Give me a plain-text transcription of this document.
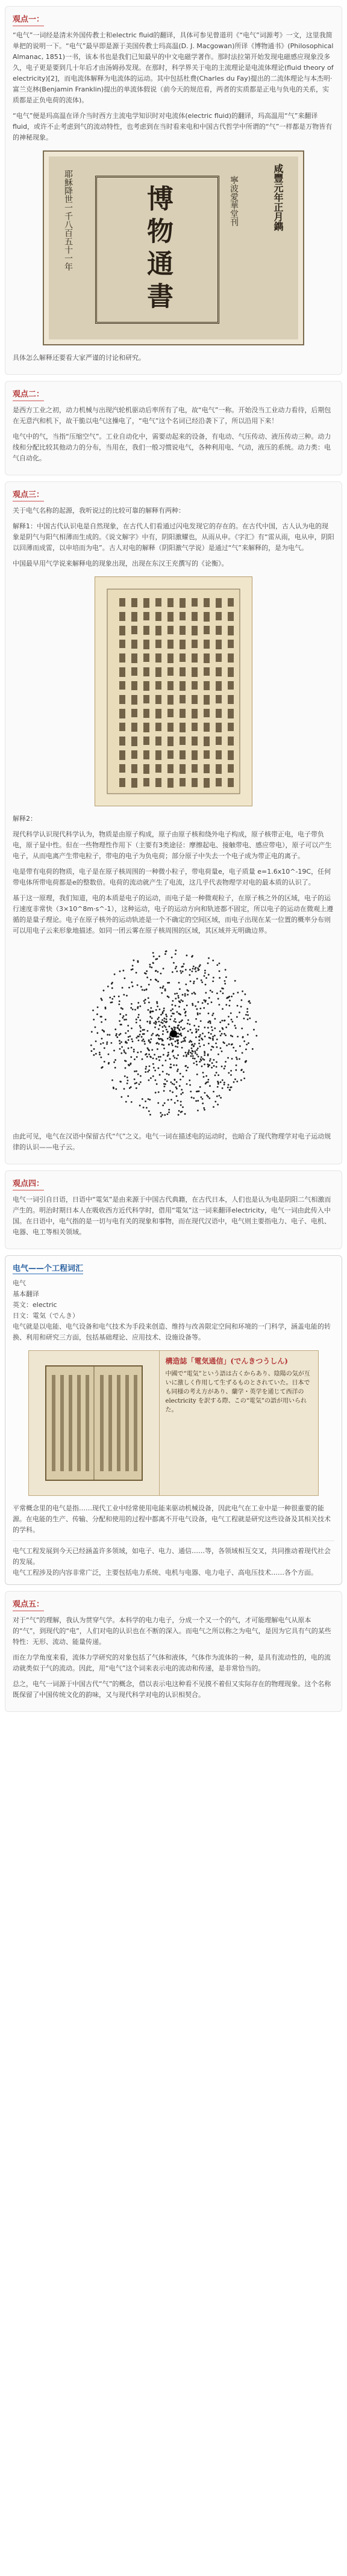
观点一：

“电气”一词经是清末外国传教士和electric fluid的翻译，具体可参见曾道玥《“电气”词源考》一文，这里我简单把的说明一下。“电气”最早即是源于美国传教士玛高温(D. J. Macgowan)所译《博物通书》(Philosophical Almanac, 1851)一书，该本书也是我们已知最早的中文电磁学著作。那时法拉第开始发现电磁感应现象没多久，电子更是要到几十年后才由汤姆孙发现。在那时，科学界关于电的主流理论是电流体理论(fluid theory of electricity)[2]，而电流体解释为电流体的运动。其中包括杜费(Charles du Fay)提出的二流体理论与本杰明·富兰克林(Benjamin Franklin)提出的单流体假说（前今天的规范看，两者的实质都是正电与负电的关系，实质都是正负电荷的流体)。

“电气”便是玛高温在译介当时西方主流电学知识时对电流体(electric fluid)的翻译，玛高温用“气”来翻译fluid，或许不止考虑到气的流动特性，也考虑到在当时看来电和中国古代哲学中所谓的“气”一样都是万物皆有的神秘现象。

耶穌降世一千八百五十一年	博物通書	寧波愛華堂刊	咸豐元年正月鐫

具体怎么解释还要看大家严谨的讨论和研究。

观点二：

是西方工业之初，动力机械与出现汽轮机驱动后率所有了电，故“电气”一称。开始没当工业动力看待，后期包在无意汽和机下，故干脆以电气这操电了，“电气”这个名词已经沿袭下了，所以沿用下来！

电气中的气，当指“压缩空气”。工业自动化中，需要动起来的设备，有电动、气压传动、液压传动三种。动力线和分配比较其他动力的分布，当用在，我们一般习惯说电气，各种利用电、气动，液压的系统。动力类：电气自动化。

观点三：

关于电气名称的起源，我听说过的比较可靠的解释有两种：

解释1：中国古代认识电是自然现象，在古代人们看通过闪电发现它的存在的。在古代中国，古人认为电的现象是阴气与阳气相薄而生成的。《说文解字》中有，阴阳激耀也，从雨从申。《字汇》有“雷从雨，电从申，阴阳以回薄而成雷，以申培而为电”。古人对电的解释（阴阳激气学说）是通过“气”来解释的，是为电气。

中国最早用气学说来解释电的现象出现，出现在东汉王充撰写的《论衡》。

解释2：

现代科学认识现代科学认为，物质是由原子构成，原子由原子核和绕外电子构成，原子核带正电，电子带负电，原子显中性。但在一些物理性作用下（主要有3类途径：摩擦起电、接触带电、感应带电），原子可以产生电子，从而电离产生带电粒子，带电的电子为负电荷；部分原子中失去一个电子成为带正电的离子。

电是带有电荷的物质，电子是在原子核周围的一种微小粒子，带电荷量e，电子质量 e=1.6x10^-19C，任何带电体所带电荷都是e的整数倍。电荷的流动就产生了电流，这几乎代表物理学对电的最本质的认识了。

基于这一原理，我们知道，电的本质是电子的运动，而电子是一种微观粒子，在原子核之外的区域，电子的运行速度非常快（3×10^8m·s^-1），这种运动，电子的运动方向和轨迹都不固定，所以电子的运动在微观上遵循的是量子理论。电子在原子核外的运动轨迹是一个不确定的空间区域，而电子出现在某一位置的概率分布则可以用电子云来形象地描述。如同一团云雾在原子核周围的区域，其区域并无明确边界。

由此可见，电气在汉语中保留古代“气”之义。电气一词在描述电的运动时，也暗合了现代物理学对电子运动规律的认识——电子云。

观点四：

电气一词引自日语，日语中“電気”是由来源于中国古代典籍，在古代日本，人们也是认为电是阴阳二气相激而产生的。明治时期日本人在吸收西方近代科学时，借用“電気”这一词来翻译electricity，电气一词由此传入中国。在日语中，电气指的是一切与电有关的现象和事物，而在现代汉语中，电气则主要指电力、电子、电机、电器、电工等相关领域。

电气——个工程词汇

电气

基本翻译

英文：electric

日文：電気（でんき）

电气就是以电能、电气设备和电气技术为手段来创造、维持与改善限定空间和环境的一门科学，涵盖电能的转换、利用和研究三方面，包括基础理论、应用技术、设施设备等。

構造誌「電気通信」(でんきつうしん)
中國で“電気”という語は古くからあり、陰陽の気が互いに激しく作用して生ずるものとされていた。日本でも同様の考え方があり、蘭学・英学を通じて西洋の electricity を訳する際、この“電気”の語が用いられた。

平常概念里的电气是指……现代工业中经常使用电能来驱动机械设备，因此电气在工业中是一种很重要的能源。在电能的生产、传输、分配和使用的过程中都离不开电气设备，电气工程就是研究这些设备及其相关技术的学科。

电气工程发展到今天已经涵盖许多领域，如电子、电力、通信……等，各领域相互交叉，共同推动着现代社会的发展。

电气工程涉及的内容非常广泛，主要包括电力系统、电机与电器、电力电子、高电压技术……各个方面。

观点五：

对于“气”的理解，我认为贯穿气学。本科学的电力电子，分成一个又一个的气，才可能理解电气从原本的“气”，到现代的“电”，人们对电的认识也在不断的深入。而电气之所以称之为电气，是因为它具有气的某些特性：无形、流动、能量传递。

而在力学角度来看，流体力学研究的对象包括了气体和液体，气体作为流体的一种，是具有流动性的，电的流动就类似于气的流动。因此，用“电气”这个词来表示电的流动和传递，是非常恰当的。

总之，电气一词源于中国古代“气”的概念，借以表示电这种看不见摸不着但又实际存在的物理现象。这个名称既保留了中国传统文化的韵味，又与现代科学对电的认识相契合。
